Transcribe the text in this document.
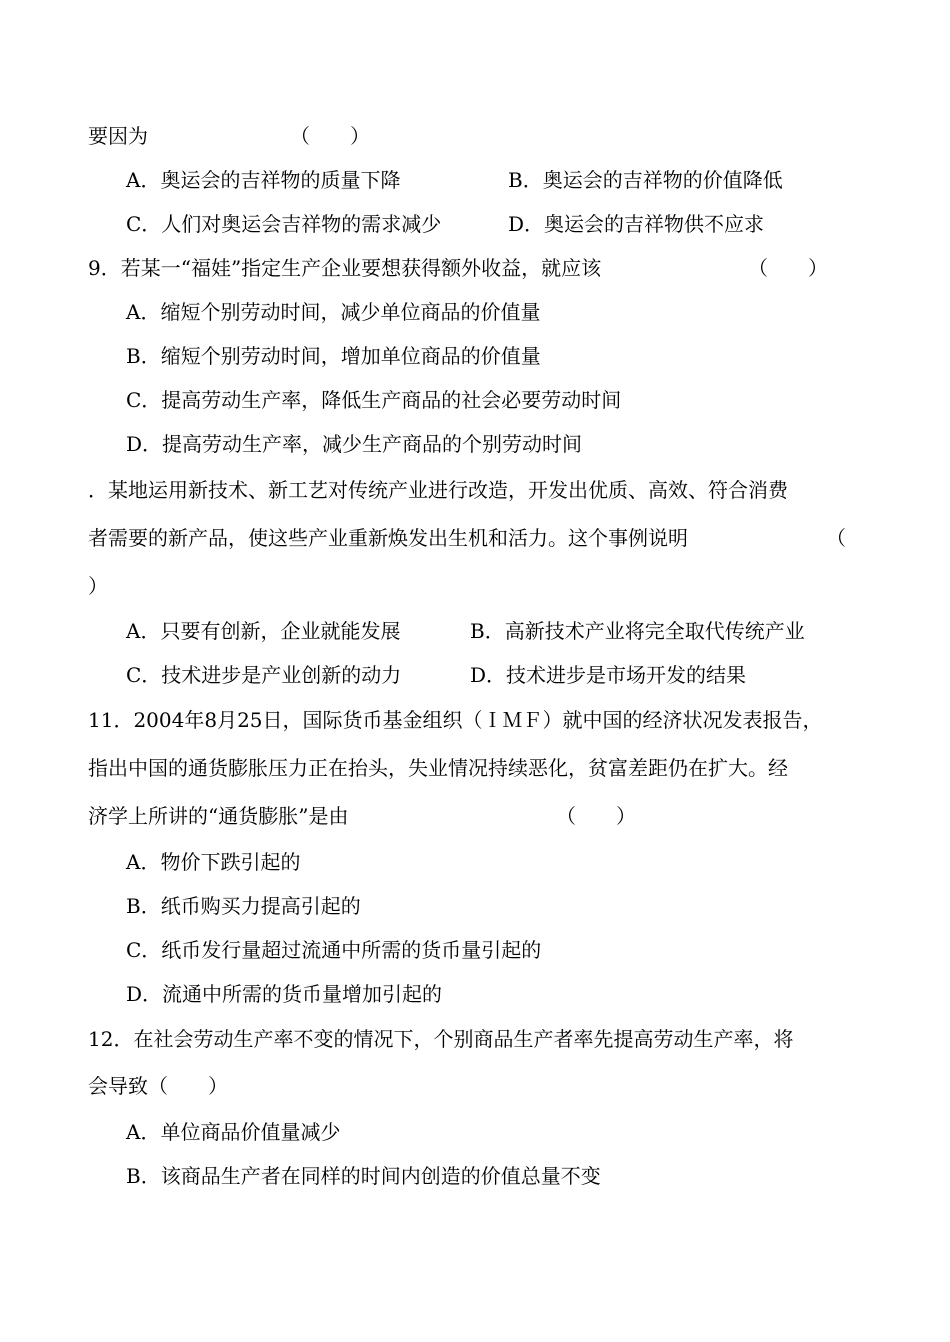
要因为	（　　）
A．奥运会的吉祥物的质量下降	B．奥运会的吉祥物的价值降低
C．人们对奥运会吉祥物的需求减少	D．奥运会的吉祥物供不应求
9．若某一“福娃”指定生产企业要想获得额外收益，就应该	（　　）
A．缩短个别劳动时间，减少单位商品的价值量
B．缩短个别劳动时间，增加单位商品的价值量
C．提高劳动生产率，降低生产商品的社会必要劳动时间
D．提高劳动生产率，减少生产商品的个别劳动时间
．某地运用新技术、新工艺对传统产业进行改造，开发出优质、高效、符合消费
者需要的新产品，使这些产业重新焕发出生机和活力。这个事例说明	（
）
A．只要有创新，企业就能发展	B．高新技术产业将完全取代传统产业
C．技术进步是产业创新的动力	D．技术进步是市场开发的结果
11．2004年8月25日，国际货币基金组织（ＩＭＦ）就中国的经济状况发表报告，
指出中国的通货膨胀压力正在抬头，失业情况持续恶化，贫富差距仍在扩大。经
济学上所讲的“通货膨胀”是由	（　　）
A．物价下跌引起的
B．纸币购买力提高引起的
C．纸币发行量超过流通中所需的货币量引起的
D．流通中所需的货币量增加引起的
12．在社会劳动生产率不变的情况下，个别商品生产者率先提高劳动生产率，将
会导致（　　）
A．单位商品价值量减少
B．该商品生产者在同样的时间内创造的价值总量不变
